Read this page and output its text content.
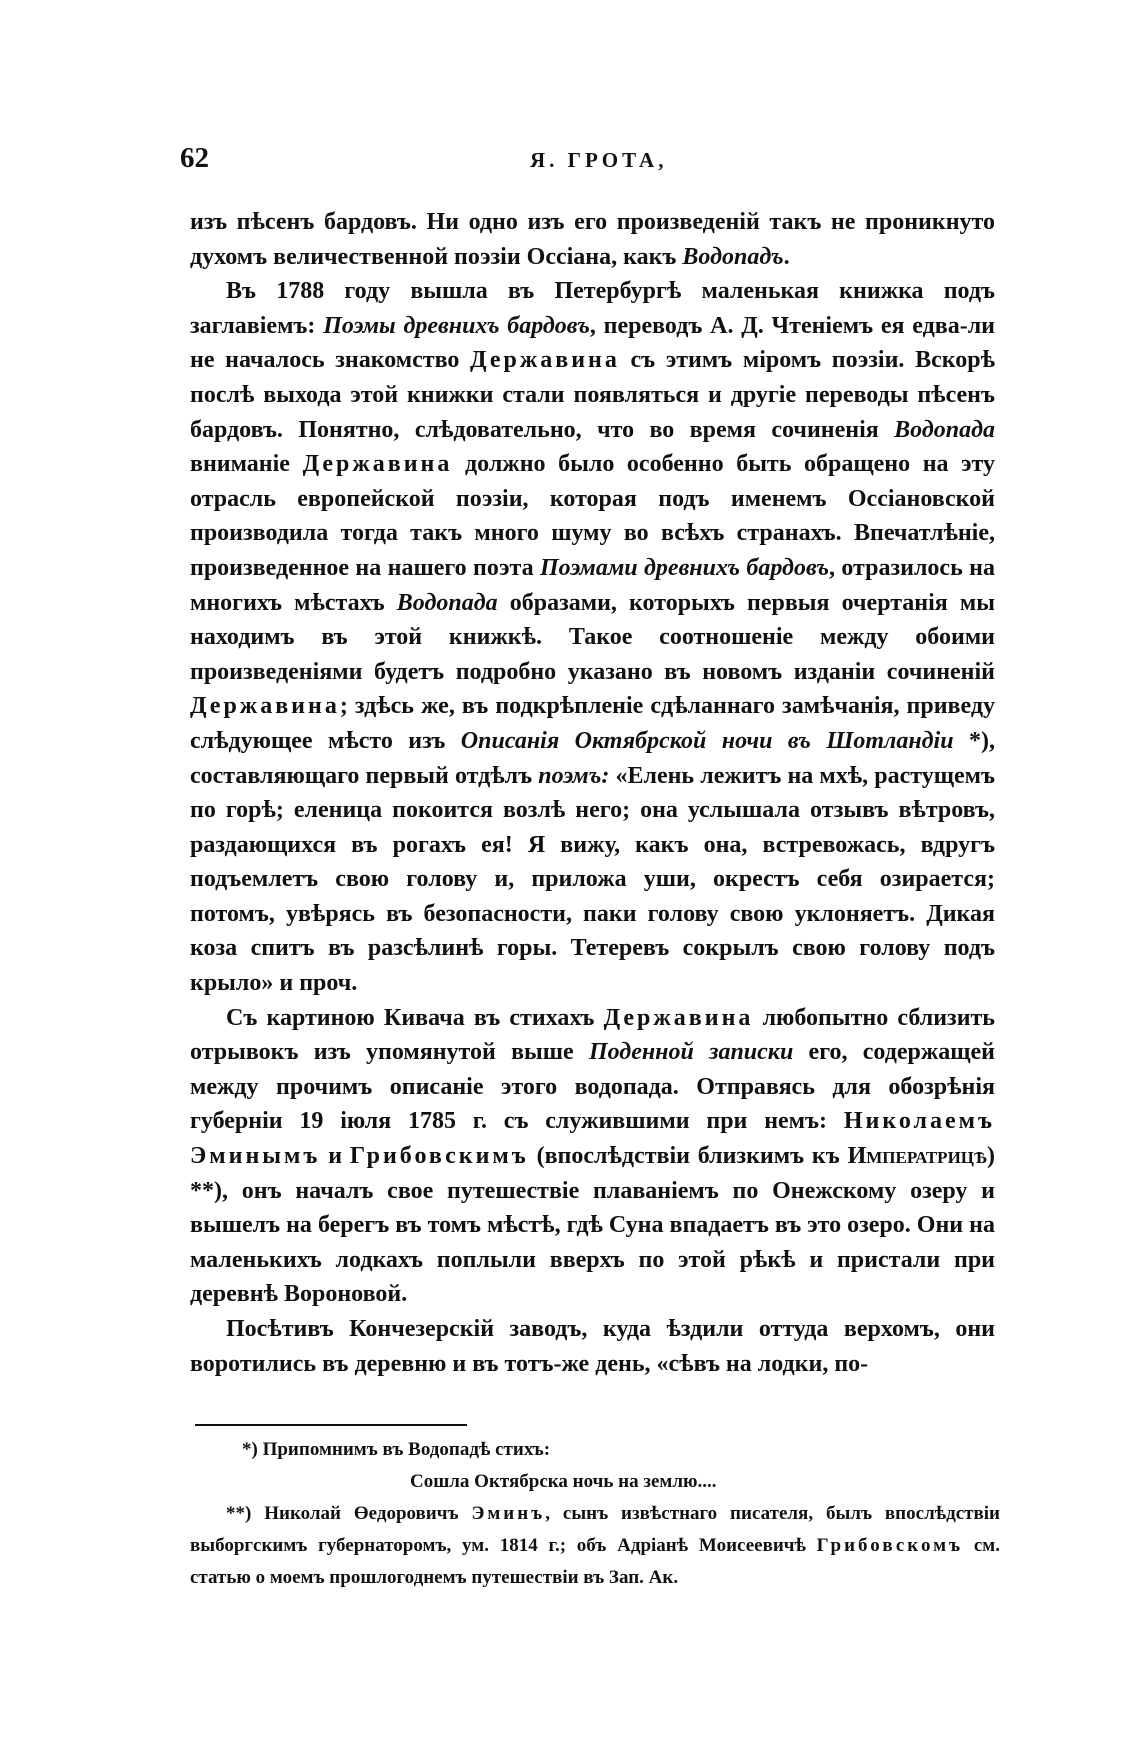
62	Я. ГРОТА,

изъ пѣсенъ бардовъ. Ни одно изъ его произведеній такъ не проникнуто духомъ величественной поэзіи Оссіана, какъ Водопадъ.

Въ 1788 году вышла въ Петербургѣ маленькая книжка подъ заглавіемъ: Поэмы древнихъ бардовъ, переводъ А. Д. Чтеніемъ ея едва-ли не началось знакомство Державина съ этимъ міромъ поэзіи. Вскорѣ послѣ выхода этой книжки стали появляться и другіе переводы пѣсенъ бардовъ. Понятно, слѣдовательно, что во время сочиненія Водопада вниманіе Державина должно было особенно быть обращено на эту отрасль европейской поэзіи, которая подъ именемъ Оссіановской производила тогда такъ много шуму во всѣхъ странахъ. Впечатлѣніе, произведенное на нашего поэта Поэмами древнихъ бардовъ, отразилось на многихъ мѣстахъ Водопада образами, которыхъ первыя очертанія мы находимъ въ этой книжкѣ. Такое соотношеніе между обоими произведеніями будетъ подробно указано въ новомъ изданіи сочиненій Державина; здѣсь же, въ подкрѣпленіе сдѣланнаго замѣчанія, приведу слѣдующее мѣсто изъ Описанія Октябрской ночи въ Шотландіи *), составляющаго первый отдѣлъ поэмъ: «Елень лежитъ на мхѣ, растущемъ по горѣ; еленица покоится возлѣ него; она услышала отзывъ вѣтровъ, раздающихся въ рогахъ ея! Я вижу, какъ она, встревожась, вдругъ подъемлетъ свою голову и, приложа уши, окрестъ себя озирается; потомъ, увѣрясь въ безопасности, паки голову свою уклоняетъ. Дикая коза спитъ въ разсѣлинѣ горы. Тетеревъ сокрылъ свою голову подъ крыло» и проч.

Съ картиною Кивача въ стихахъ Державина любопытно сблизить отрывокъ изъ упомянутой выше Поденной записки его, содержащей между прочимъ описаніе этого водопада. Отправясь для обозрѣнія губерніи 19 іюля 1785 г. съ служившими при немъ: Николаемъ Эминымъ и Грибовскимъ (впослѣдствіи близкимъ къ Императрицѣ) **), онъ началъ свое путешествіе плаваніемъ по Онежскому озеру и вышелъ на берегъ въ томъ мѣстѣ, гдѣ Суна впадаетъ въ это озеро. Они на маленькихъ лодкахъ поплыли вверхъ по этой рѣкѣ и пристали при деревнѣ Вороновой.

Посѣтивъ Кончезерскій заводъ, куда ѣздили оттуда верхомъ, они воротились въ деревню и въ тотъ-же день, «сѣвъ на лодки, по-

*) Припомнимъ въ Водопадѣ стихъ:

Сошла Октябрска ночь на землю....

**) Николай Өедоровичъ Эминъ, сынъ извѣстнаго писателя, былъ впослѣдствіи выборгскимъ губернаторомъ, ум. 1814 г.; объ Адріанѣ Моисеевичѣ Грибовскомъ см. статью о моемъ прошлогоднемъ путешествіи въ Зап. Ак.
